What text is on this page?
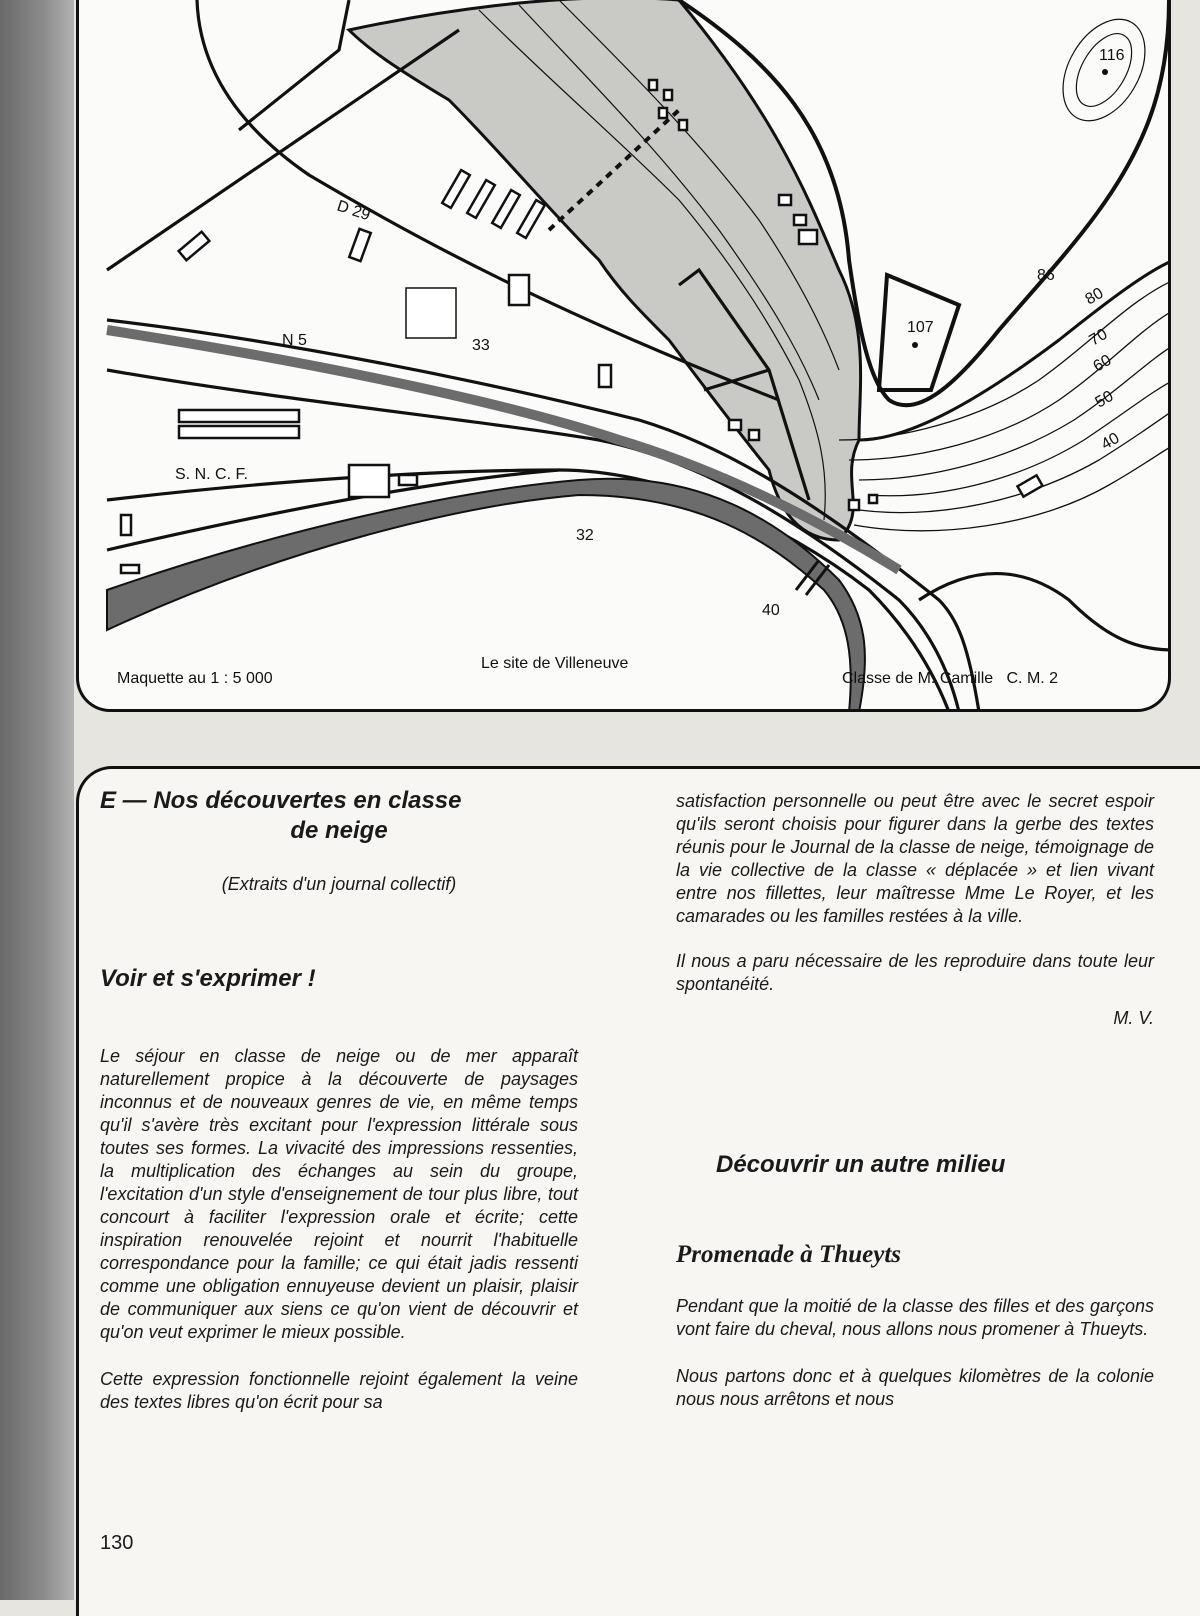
116
107
86
33
32
40
80
70
60
50
40
D 29
N 5
S. N. C. F.
Maquette au 1 : 5 000
Le site de Villeneuve
Classe de M. Camille   C. M. 2
E — Nos découvertes en classe
de neige

(Extraits d'un journal collectif)

Voir et s'exprimer !

Le séjour en classe de neige ou de mer apparaît naturellement propice à la découverte de paysages inconnus et de nouveaux genres de vie, en même temps qu'il s'avère très excitant pour l'expression littérale sous toutes ses formes. La vivacité des impressions ressenties, la multiplication des échanges au sein du groupe, l'excitation d'un style d'enseignement de tour plus libre, tout concourt à faciliter l'expression orale et écrite; cette inspiration renouvelée rejoint et nourrit l'habituelle correspondance pour la famille; ce qui était jadis ressenti comme une obligation ennuyeuse devient un plaisir, plaisir de communiquer aux siens ce qu'on vient de découvrir et qu'on veut exprimer le mieux possible.

Cette expression fonctionnelle rejoint également la veine des textes libres qu'on écrit pour sa

satisfaction personnelle ou peut être avec le secret espoir qu'ils seront choisis pour figurer dans la gerbe des textes réunis pour le Journal de la classe de neige, témoignage de la vie collective de la classe « déplacée » et lien vivant entre nos fillettes, leur maîtresse Mme Le Royer, et les camarades ou les familles restées à la ville.

Il nous a paru nécessaire de les reproduire dans toute leur spontanéité.

M. V.

Découvrir un autre milieu
Promenade à Thueyts

Pendant que la moitié de la classe des filles et des garçons vont faire du cheval, nous allons nous promener à Thueyts.

Nous partons donc et à quelques kilomètres de la colonie nous nous arrêtons et nous

130
